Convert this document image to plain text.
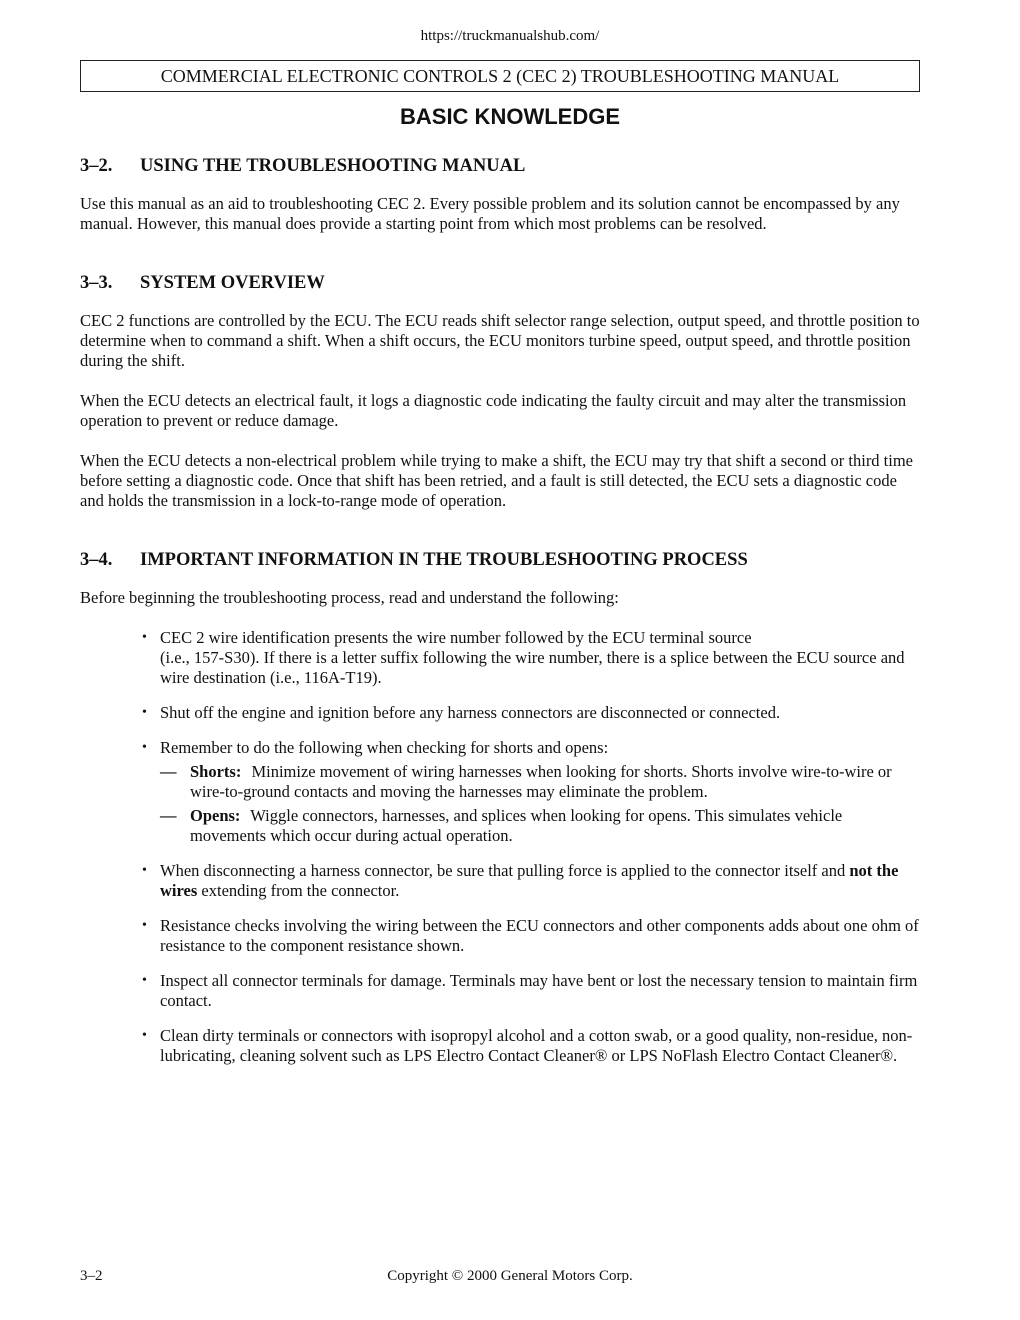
https://truckmanualshub.com/
COMMERCIAL ELECTRONIC CONTROLS 2 (CEC 2) TROUBLESHOOTING MANUAL
BASIC KNOWLEDGE
3–2. USING THE TROUBLESHOOTING MANUAL

Use this manual as an aid to troubleshooting CEC 2. Every possible problem and its solution cannot be encompassed by any manual. However, this manual does provide a starting point from which most problems can be resolved.

3–3. SYSTEM OVERVIEW

CEC 2 functions are controlled by the ECU. The ECU reads shift selector range selection, output speed, and throttle position to determine when to command a shift. When a shift occurs, the ECU monitors turbine speed, output speed, and throttle position during the shift.

When the ECU detects an electrical fault, it logs a diagnostic code indicating the faulty circuit and may alter the transmission operation to prevent or reduce damage.

When the ECU detects a non-electrical problem while trying to make a shift, the ECU may try that shift a second or third time before setting a diagnostic code. Once that shift has been retried, and a fault is still detected, the ECU sets a diagnostic code and holds the transmission in a lock-to-range mode of operation.

3–4. IMPORTANT INFORMATION IN THE TROUBLESHOOTING PROCESS

Before beginning the troubleshooting process, read and understand the following:

• CEC 2 wire identification presents the wire number followed by the ECU terminal source
(i.e., 157-S30). If there is a letter suffix following the wire number, there is a splice between the ECU source and wire destination (i.e., 116A-T19).
• Shut off the engine and ignition before any harness connectors are disconnected or connected.
• Remember to do the following when checking for shorts and opens:
— Shorts: Minimize movement of wiring harnesses when looking for shorts. Shorts involve wire-to-wire or wire-to-ground contacts and moving the harnesses may eliminate the problem.
— Opens: Wiggle connectors, harnesses, and splices when looking for opens. This simulates vehicle movements which occur during actual operation.
• When disconnecting a harness connector, be sure that pulling force is applied to the connector itself and not the wires extending from the connector.
• Resistance checks involving the wiring between the ECU connectors and other components adds about one ohm of resistance to the component resistance shown.
• Inspect all connector terminals for damage. Terminals may have bent or lost the necessary tension to maintain firm contact.
• Clean dirty terminals or connectors with isopropyl alcohol and a cotton swab, or a good quality, non-residue, non-lubricating, cleaning solvent such as LPS Electro Contact Cleaner® or LPS NoFlash Electro Contact Cleaner®.
3–2	Copyright © 2000 General Motors Corp.
